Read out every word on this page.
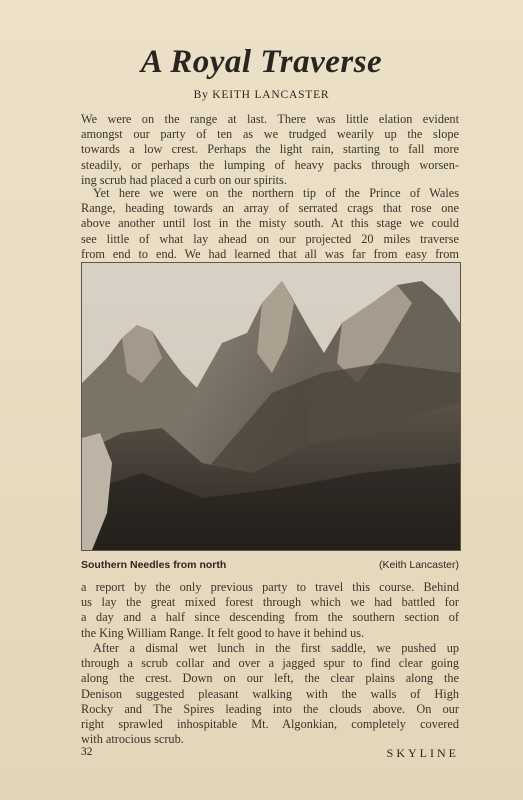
A Royal Traverse
By KEITH LANCASTER
We were on the range at last. There was little elation evident
amongst our party of ten as we trudged wearily up the slope
towards a low crest. Perhaps the light rain, starting to fall more
steadily, or perhaps the lumping of heavy packs through worsen-
ing scrub had placed a curb on our spirits.
Yet here we were on the northern tip of the Prince of Wales
Range, heading towards an array of serrated crags that rose one
above another until lost in the misty south. At this stage we could
see little of what lay ahead on our projected 20 miles traverse
from end to end. We had learned that all was far from easy from
Southern Needles from north	(Keith Lancaster)
a report by the only previous party to travel this course. Behind
us lay the great mixed forest through which we had battled for
a day and a half since descending from the southern section of
the King William Range. It felt good to have it behind us.
After a dismal wet lunch in the first saddle, we pushed up
through a scrub collar and over a jagged spur to find clear going
along the crest. Down on our left, the clear plains along the
Denison suggested pleasant walking with the walls of High
Rocky and The Spires leading into the clouds above. On our
right sprawled inhospitable Mt. Algonkian, completely covered
with atrocious scrub.
32	SKYLINE
